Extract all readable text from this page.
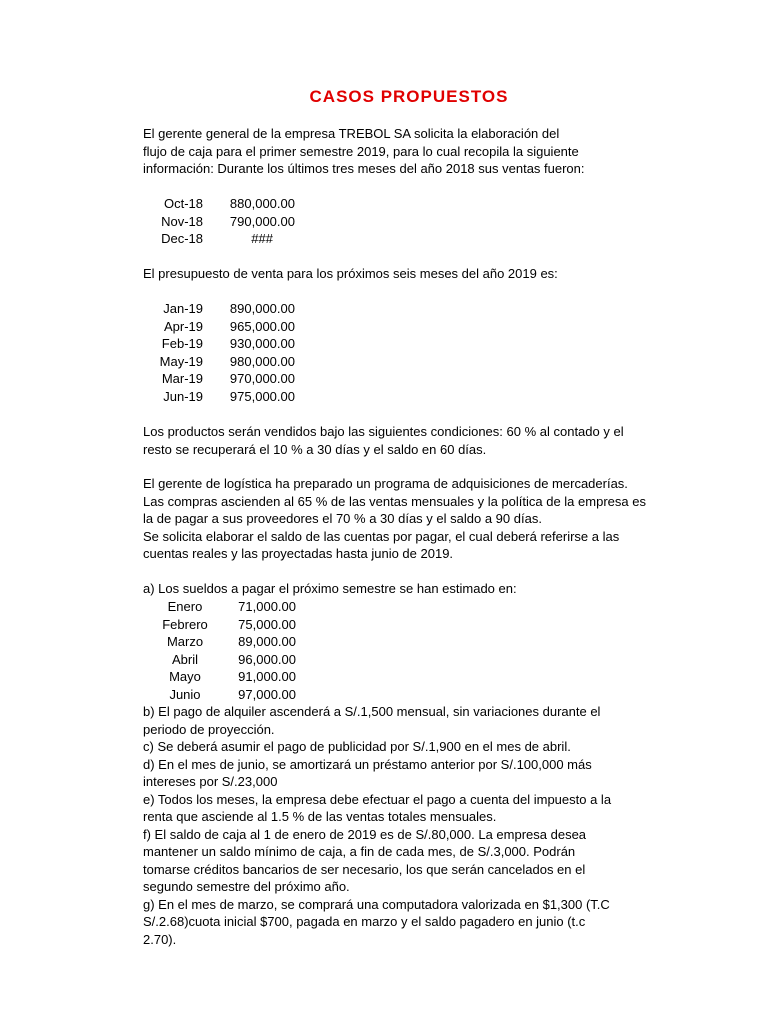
CASOS PROPUESTOS
El gerente general de la empresa TREBOL SA solicita la elaboración del
flujo de caja para el primer semestre 2019, para lo cual recopila la siguiente
información: Durante los últimos tres meses del año 2018 sus ventas fueron:
Oct-18	880,000.00
Nov-18	790,000.00
Dec-18	###
El presupuesto de venta para los próximos seis meses del año 2019 es:
Jan-19	890,000.00
Apr-19	965,000.00
Feb-19	930,000.00
May-19	980,000.00
Mar-19	970,000.00
Jun-19	975,000.00
Los productos serán vendidos bajo las siguientes condiciones: 60 % al contado y el
resto se recuperará el 10 % a 30 días y el saldo en 60 días.
El gerente de logística ha preparado un programa de adquisiciones de mercaderías.
Las compras ascienden al 65 % de las ventas mensuales y la política de la empresa es
la de pagar a sus proveedores el 70 % a 30 días y el saldo a 90 días.
Se solicita elaborar el saldo de las cuentas por pagar, el cual deberá referirse a las
cuentas reales y las proyectadas hasta junio de 2019.
a) Los sueldos a pagar el próximo semestre se han estimado en:
Enero	71,000.00
Febrero	75,000.00
Marzo	89,000.00
Abril	96,000.00
Mayo	91,000.00
Junio	97,000.00
b) El pago de alquiler ascenderá a S/.1,500 mensual, sin variaciones durante el
periodo de proyección.
c) Se deberá asumir el pago de publicidad por S/.1,900 en el mes de abril.
d) En el mes de junio, se amortizará un préstamo anterior por S/.100,000 más
intereses por S/.23,000
e) Todos los meses, la empresa debe efectuar el pago a cuenta del impuesto a la
renta que asciende al 1.5 % de las ventas totales mensuales.
f) El saldo de caja al 1 de enero de 2019 es de S/.80,000. La empresa desea
mantener un saldo mínimo de caja, a fin de cada mes, de S/.3,000. Podrán
tomarse créditos bancarios de ser necesario, los que serán cancelados en el
segundo semestre del próximo año.
g) En el mes de marzo, se comprará una computadora valorizada en $1,300 (T.C
S/.2.68)cuota inicial $700, pagada en marzo y el saldo pagadero en junio (t.c
2.70).
